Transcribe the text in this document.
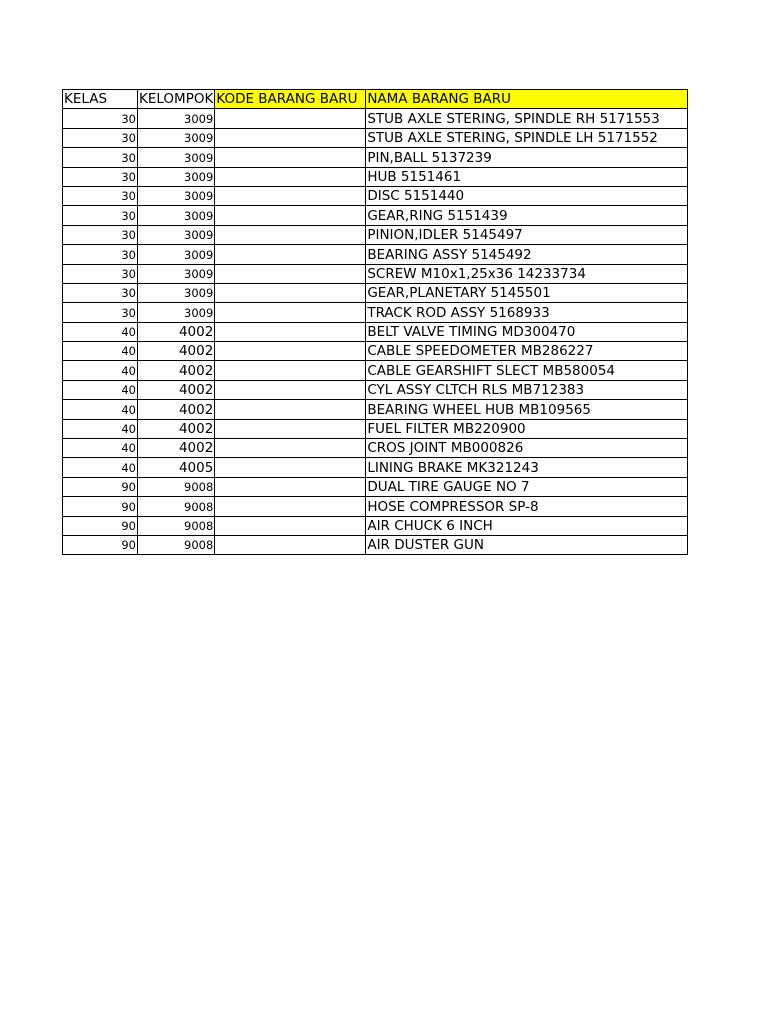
KELAS	KELOMPOK	KODE BARANG BARU	NAMA BARANG BARU
30	3009		STUB AXLE STERING, SPINDLE RH 5171553
30	3009		STUB AXLE STERING, SPINDLE LH 5171552
30	3009		PIN,BALL 5137239
30	3009		HUB 5151461
30	3009		DISC 5151440
30	3009		GEAR,RING 5151439
30	3009		PINION,IDLER 5145497
30	3009		BEARING ASSY 5145492
30	3009		SCREW M10x1,25x36 14233734
30	3009		GEAR,PLANETARY 5145501
30	3009		TRACK ROD ASSY 5168933
40	4002		BELT VALVE TIMING MD300470
40	4002		CABLE SPEEDOMETER MB286227
40	4002		CABLE GEARSHIFT SLECT MB580054
40	4002		CYL ASSY CLTCH RLS MB712383
40	4002		BEARING WHEEL HUB MB109565
40	4002		FUEL FILTER MB220900
40	4002		CROS JOINT MB000826
40	4005		LINING BRAKE MK321243
90	9008		DUAL TIRE GAUGE NO 7
90	9008		HOSE COMPRESSOR SP-8
90	9008		AIR CHUCK 6 INCH
90	9008		AIR DUSTER GUN
